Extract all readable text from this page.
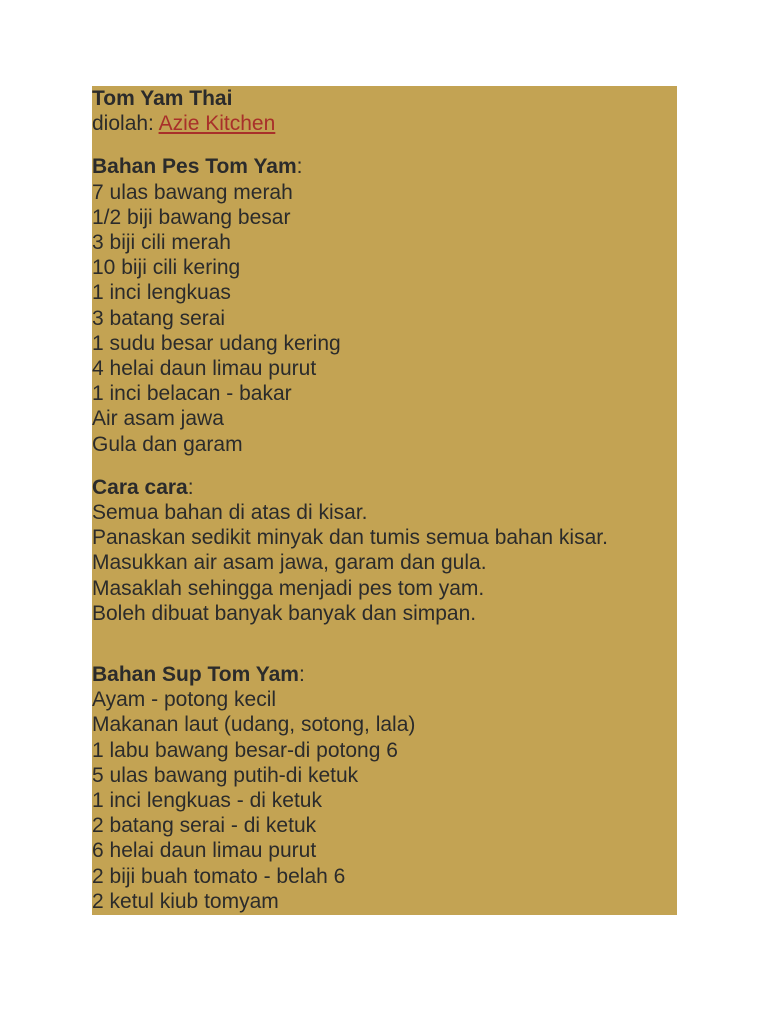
Tom Yam Thai
diolah: Azie Kitchen
Bahan Pes Tom Yam:
7 ulas bawang merah
1/2 biji bawang besar
3 biji cili merah
10 biji cili kering
1 inci lengkuas
3 batang serai
1 sudu besar udang kering
4 helai daun limau purut
1 inci belacan - bakar
Air asam jawa
Gula dan garam
Cara cara:
Semua bahan di atas di kisar.
Panaskan sedikit minyak dan tumis semua bahan kisar.
Masukkan air asam jawa, garam dan gula.
Masaklah sehingga menjadi pes tom yam.
Boleh dibuat banyak banyak dan simpan.
Bahan Sup Tom Yam:
Ayam - potong kecil
Makanan laut (udang, sotong, lala)
1 labu bawang besar-di potong 6
5 ulas bawang putih-di ketuk
1 inci lengkuas - di ketuk
2 batang serai - di ketuk
6 helai daun limau purut
2 biji buah tomato - belah 6
2 ketul kiub tomyam
